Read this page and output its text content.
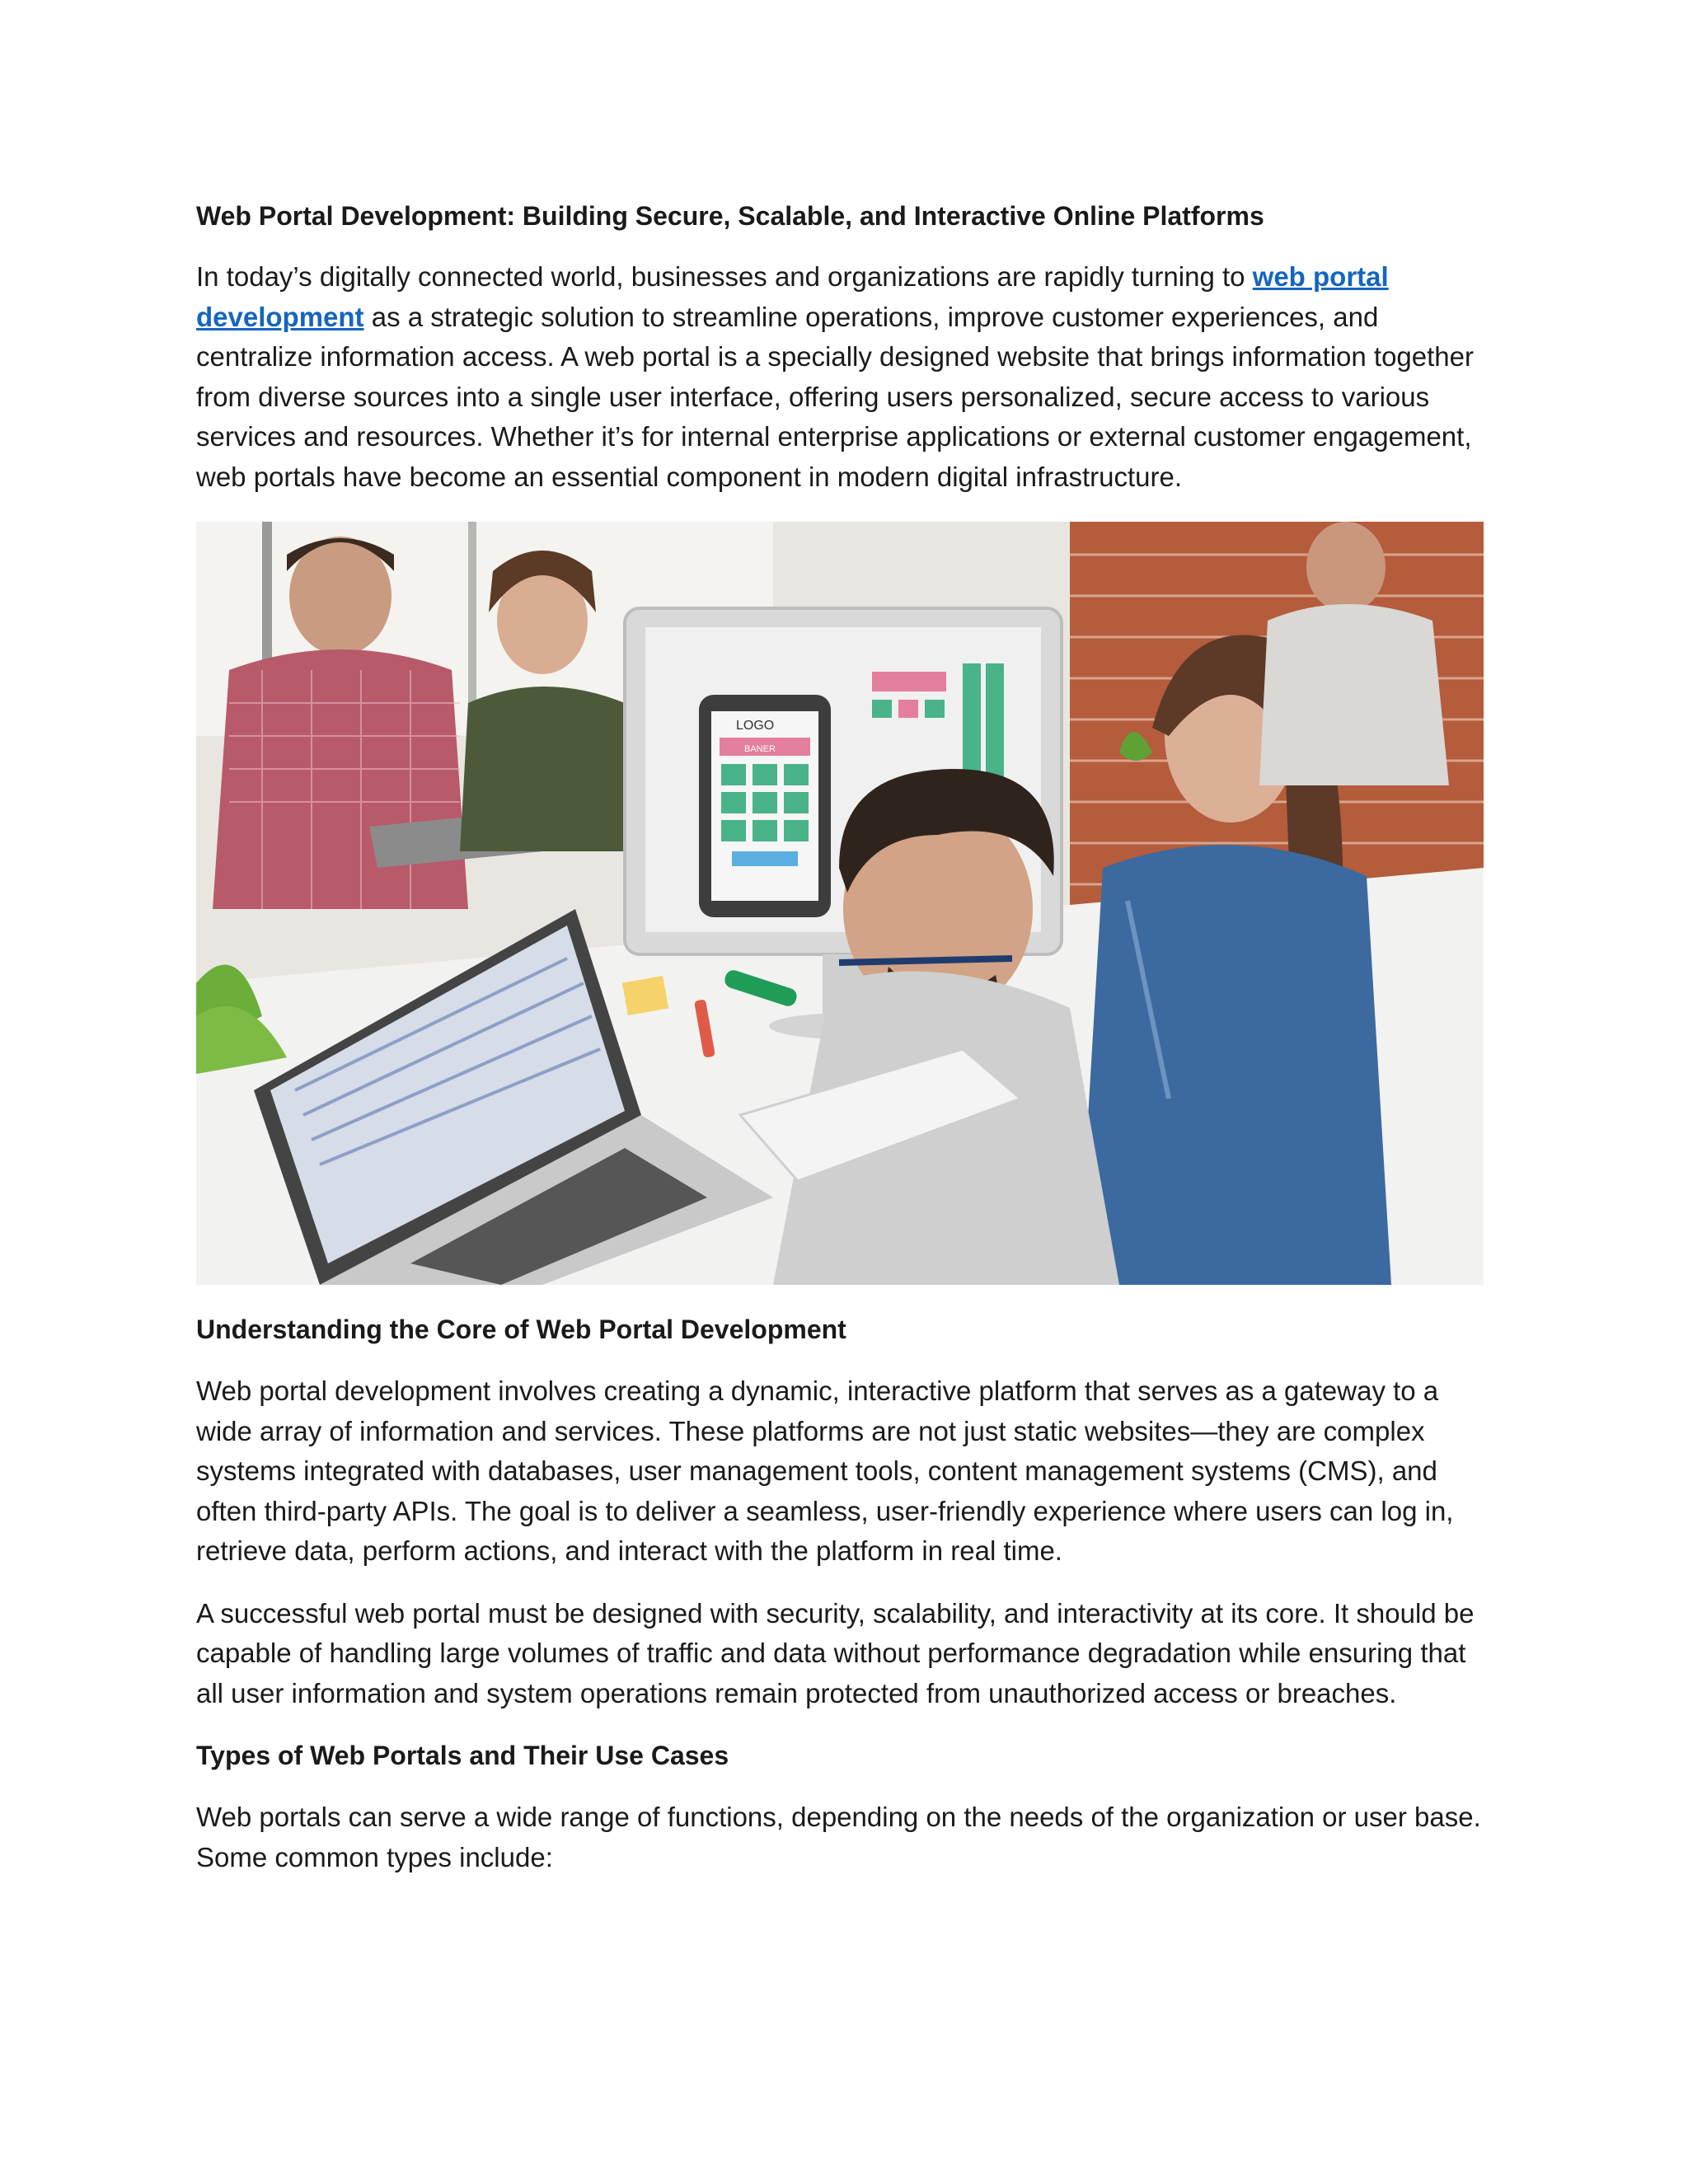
Web Portal Development: Building Secure, Scalable, and Interactive Online Platforms

In today’s digitally connected world, businesses and organizations are rapidly turning to web portal development as a strategic solution to streamline operations, improve customer experiences, and centralize information access. A web portal is a specially designed website that brings information together from diverse sources into a single user interface, offering users personalized, secure access to various services and resources. Whether it’s for internal enterprise applications or external customer engagement, web portals have become an essential component in modern digital infrastructure.

LOGO
BANER
Understanding the Core of Web Portal Development

Web portal development involves creating a dynamic, interactive platform that serves as a gateway to a wide array of information and services. These platforms are not just static websites—they are complex systems integrated with databases, user management tools, content management systems (CMS), and often third-party APIs. The goal is to deliver a seamless, user-friendly experience where users can log in, retrieve data, perform actions, and interact with the platform in real time.

A successful web portal must be designed with security, scalability, and interactivity at its core. It should be capable of handling large volumes of traffic and data without performance degradation while ensuring that all user information and system operations remain protected from unauthorized access or breaches.

Types of Web Portals and Their Use Cases

Web portals can serve a wide range of functions, depending on the needs of the organization or user base. Some common types include:
